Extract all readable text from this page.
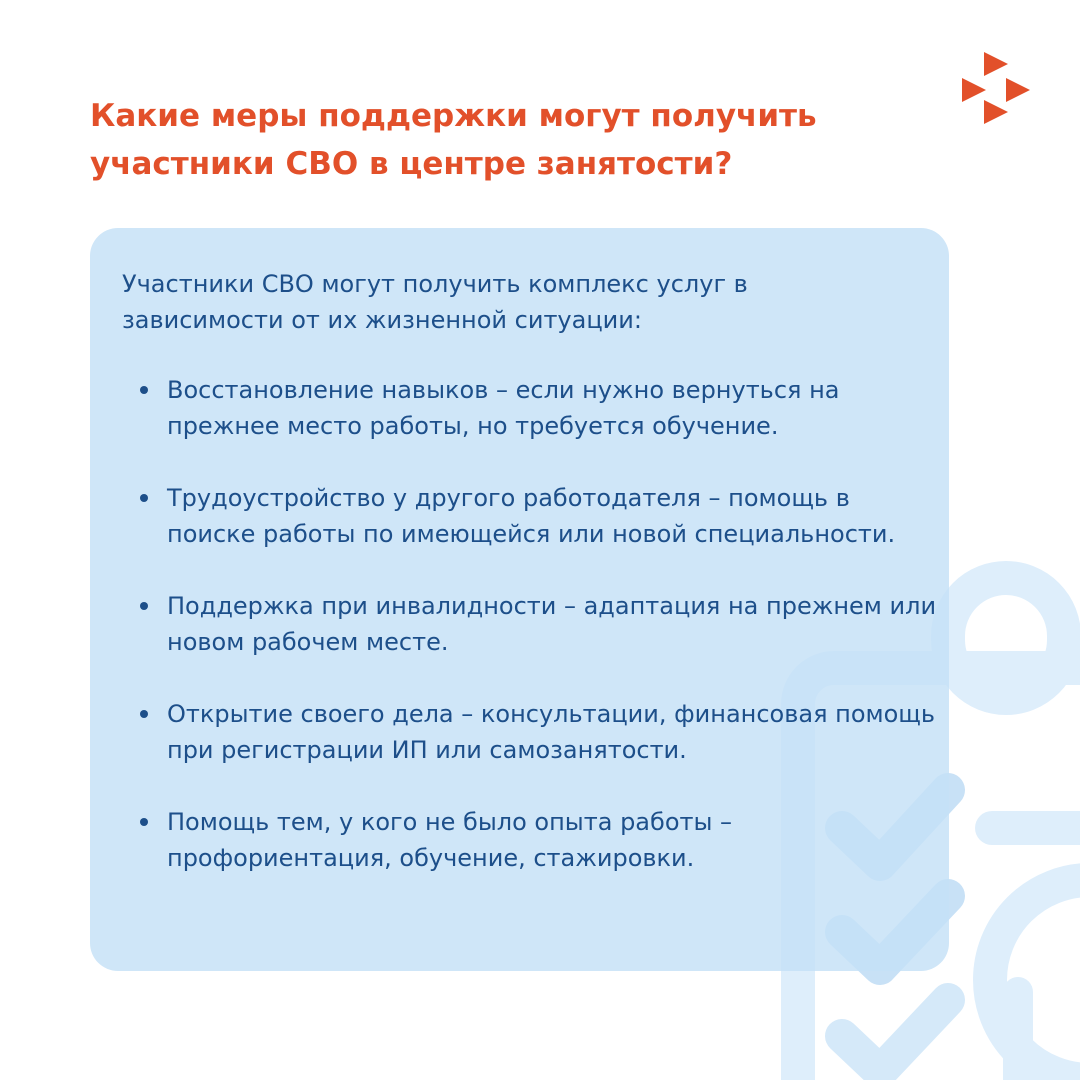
Какие меры поддержки могут получить участники СВО в центре занятости?

Участники СВО могут получить комплекс услуг в зависимости от их жизненной ситуации:

Восстановление навыков – если нужно вернуться на прежнее место работы, но требуется обучение.
Трудоустройство у другого работодателя – помощь в поиске работы по имеющейся или новой специальности.
Поддержка при инвалидности – адаптация на прежнем или новом рабочем месте.
Открытие своего дела – консультации, финансовая помощь при регистрации ИП или самозанятости.
Помощь тем, у кого не было опыта работы – профориентация, обучение, стажировки.
